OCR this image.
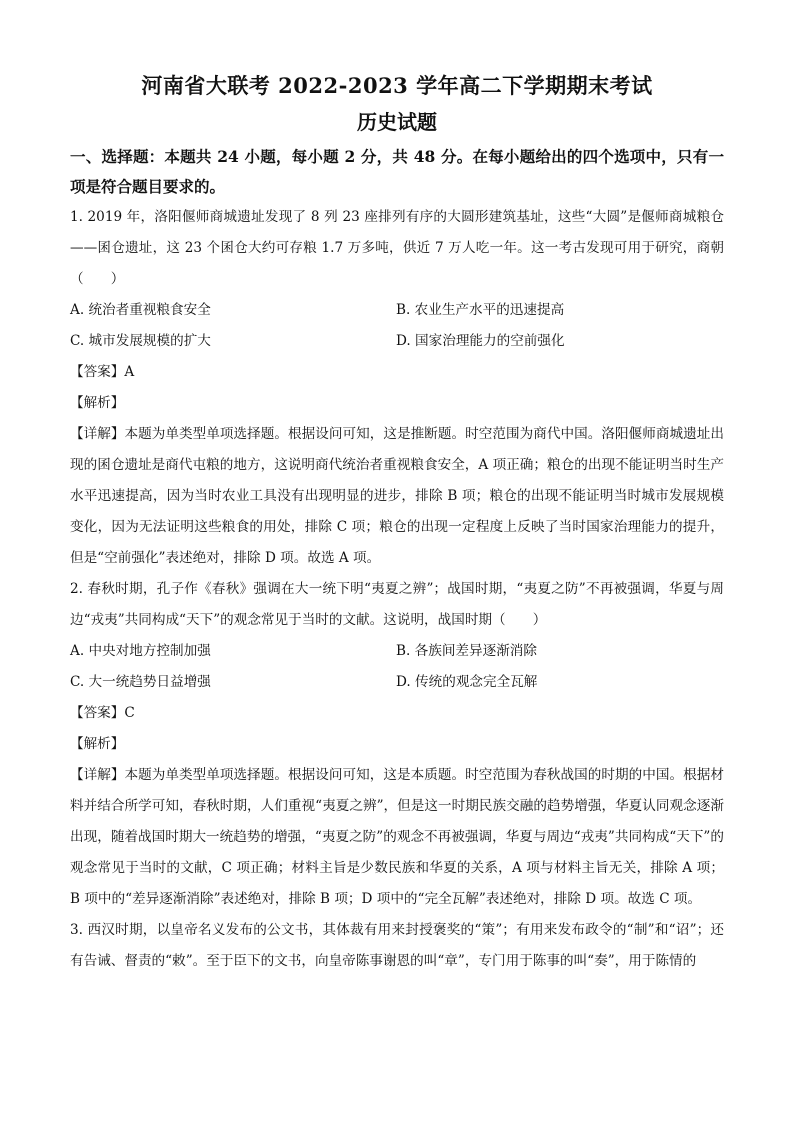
河南省大联考 2022-2023 学年高二下学期期末考试
历史试题

一、选择题：本题共 24 小题，每小题 2 分，共 48 分。在每小题给出的四个选项中，只有一项是符合题目要求的。

1. 2019 年，洛阳偃师商城遗址发现了 8 列 23 座排列有序的大圆形建筑基址，这些“大圆”是偃师商城粮仓——囷仓遗址，这 23 个囷仓大约可存粮 1.7 万多吨，供近 7 万人吃一年。这一考古发现可用于研究，商朝（　　）

A. 统治者重视粮食安全	B. 农业生产水平的迅速提高
C. 城市发展规模的扩大	D. 国家治理能力的空前强化
【答案】A
【解析】

【详解】本题为单类型单项选择题。根据设问可知，这是推断题。时空范围为商代中国。洛阳偃师商城遗址出现的囷仓遗址是商代屯粮的地方，这说明商代统治者重视粮食安全，A 项正确；粮仓的出现不能证明当时生产水平迅速提高，因为当时农业工具没有出现明显的进步，排除 B 项；粮仓的出现不能证明当时城市发展规模变化，因为无法证明这些粮食的用处，排除 C 项；粮仓的出现一定程度上反映了当时国家治理能力的提升，但是“空前强化”表述绝对，排除 D 项。故选 A 项。

2. 春秋时期，孔子作《春秋》强调在大一统下明“夷夏之辨”；战国时期，“夷夏之防”不再被强调，华夏与周边“戎夷”共同构成“天下”的观念常见于当时的文献。这说明，战国时期（　　）

A. 中央对地方控制加强	B. 各族间差异逐渐消除
C. 大一统趋势日益增强	D. 传统的观念完全瓦解
【答案】C
【解析】

【详解】本题为单类型单项选择题。根据设问可知，这是本质题。时空范围为春秋战国的时期的中国。根据材料并结合所学可知，春秋时期，人们重视“夷夏之辨”，但是这一时期民族交融的趋势增强，华夏认同观念逐渐出现，随着战国时期大一统趋势的增强，“夷夏之防”的观念不再被强调，华夏与周边“戎夷”共同构成“天下”的观念常见于当时的文献，C 项正确；材料主旨是少数民族和华夏的关系，A 项与材料主旨无关，排除 A 项；B 项中的“差异逐渐消除”表述绝对，排除 B 项；D 项中的“完全瓦解”表述绝对，排除 D 项。故选 C 项。

3. 西汉时期，以皇帝名义发布的公文书，其体裁有用来封授褒奖的“策”；有用来发布政令的“制”和“诏”；还有告诫、督责的“敕”。至于臣下的文书，向皇帝陈事谢恩的叫“章”，专门用于陈事的叫“奏”，用于陈情的
